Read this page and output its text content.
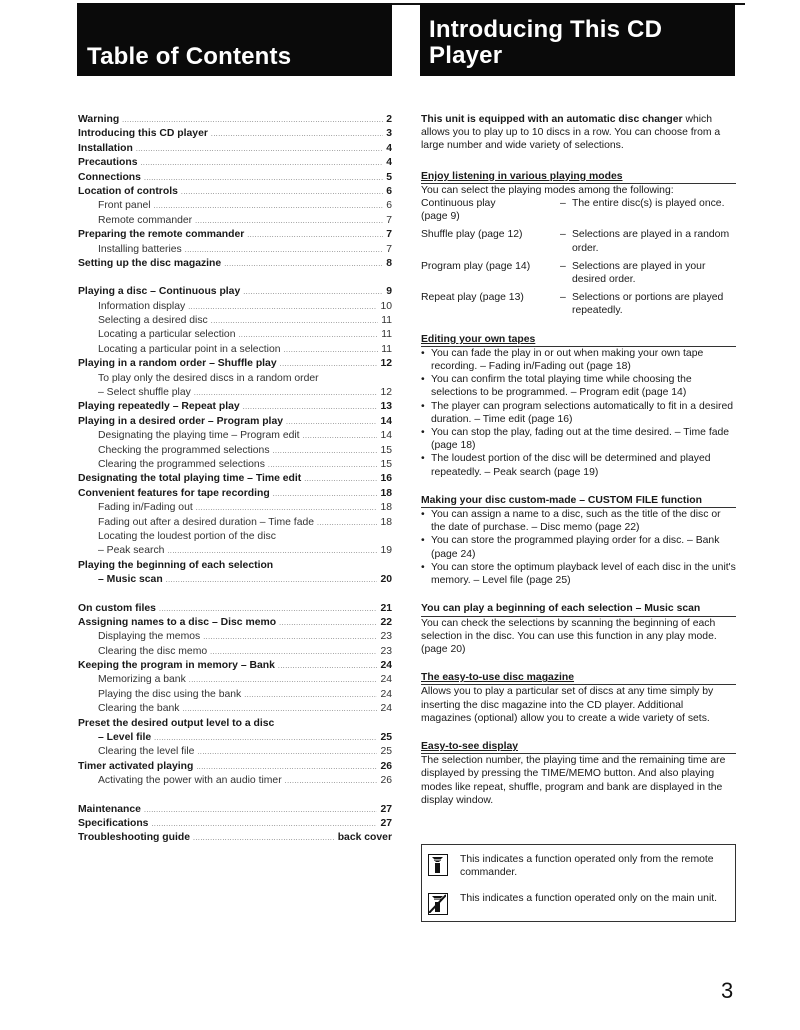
Table of Contents
Introducing This CD
Player
Warning .....	2
Introducing this CD player .....	3
Installation .....	4
Precautions .....	4
Connections .....	5
Location of controls .....	6
Front panel .....	6
Remote commander .....	7
Preparing the remote commander .....	7
Installing batteries .....	7
Setting up the disc magazine .....	8
Playing a disc – Continuous play .....	9
Information display .....	10
Selecting a desired disc .....	11
Locating a particular selection .....	11
Locating a particular point in a selection .....	11
Playing in a random order – Shuffle play .....	12
To play only the desired discs in a random order
– Select shuffle play .....	12
Playing repeatedly – Repeat play .....	13
Playing in a desired order – Program play .....	14
Designating the playing time – Program edit .....	14
Checking the programmed selections .....	15
Clearing the programmed selections .....	15
Designating the total playing time – Time edit .....	16
Convenient features for tape recording .....	18
Fading in/Fading out .....	18
Fading out after a desired duration – Time fade .....	18
Locating the loudest portion of the disc
– Peak search .....	19
Playing the beginning of each selection
– Music scan .....	20
On custom files .....	21
Assigning names to a disc – Disc memo .....	22
Displaying the memos .....	23
Clearing the disc memo .....	23
Keeping the program in memory – Bank .....	24
Memorizing a bank .....	24
Playing the disc using the bank .....	24
Clearing the bank .....	24
Preset the desired output level to a disc
– Level file .....	25
Clearing the level file .....	25
Timer activated playing .....	26
Activating the power with an audio timer .....	26
Maintenance .....	27
Specifications .....	27
Troubleshooting guide .....	back cover
This unit is equipped with an automatic disc changer which allows you to play up to 10 discs in a row. You can choose from a large number and wide variety of selections.
Enjoy listening in various playing modes
You can select the playing modes among the following:
Continuous play (page 9)
– The entire disc(s) is played once.
Shuffle play (page 12)	– Selections are played in a random order.
Program play (page 14)	– Selections are played in your desired order.
Repeat play (page 13)	– Selections or portions are played repeatedly.
Editing your own tapes
• You can fade the play in or out when making your own tape recording. – Fading in/Fading out (page 18)
• You can confirm the total playing time while choosing the selections to be programmed. – Program edit (page 14)
• The player can program selections automatically to fit in a desired duration. – Time edit (page 16)
• You can stop the play, fading out at the time desired. – Time fade (page 18)
• The loudest portion of the disc will be determined and played repeatedly. – Peak search (page 19)
Making your disc custom-made – CUSTOM FILE function
• You can assign a name to a disc, such as the title of the disc or the date of purchase. – Disc memo (page 22)
• You can store the programmed playing order for a disc. – Bank (page 24)
• You can store the optimum playback level of each disc in the unit's memory. – Level file (page 25)
You can play a beginning of each selection – Music scan
You can check the selections by scanning the beginning of each selection in the disc. You can use this function in any play mode. (page 20)
The easy-to-use disc magazine
Allows you to play a particular set of discs at any time simply by inserting the disc magazine into the CD player. Additional magazines (optional) allow you to create a wide variety of sets.
Easy-to-see display
The selection number, the playing time and the remaining time are displayed by pressing the TIME/MEMO button. And also playing modes like repeat, shuffle, program and bank are displayed in the display window.
This indicates a function operated only from the remote commander.
This indicates a function operated only on the main unit.
3
